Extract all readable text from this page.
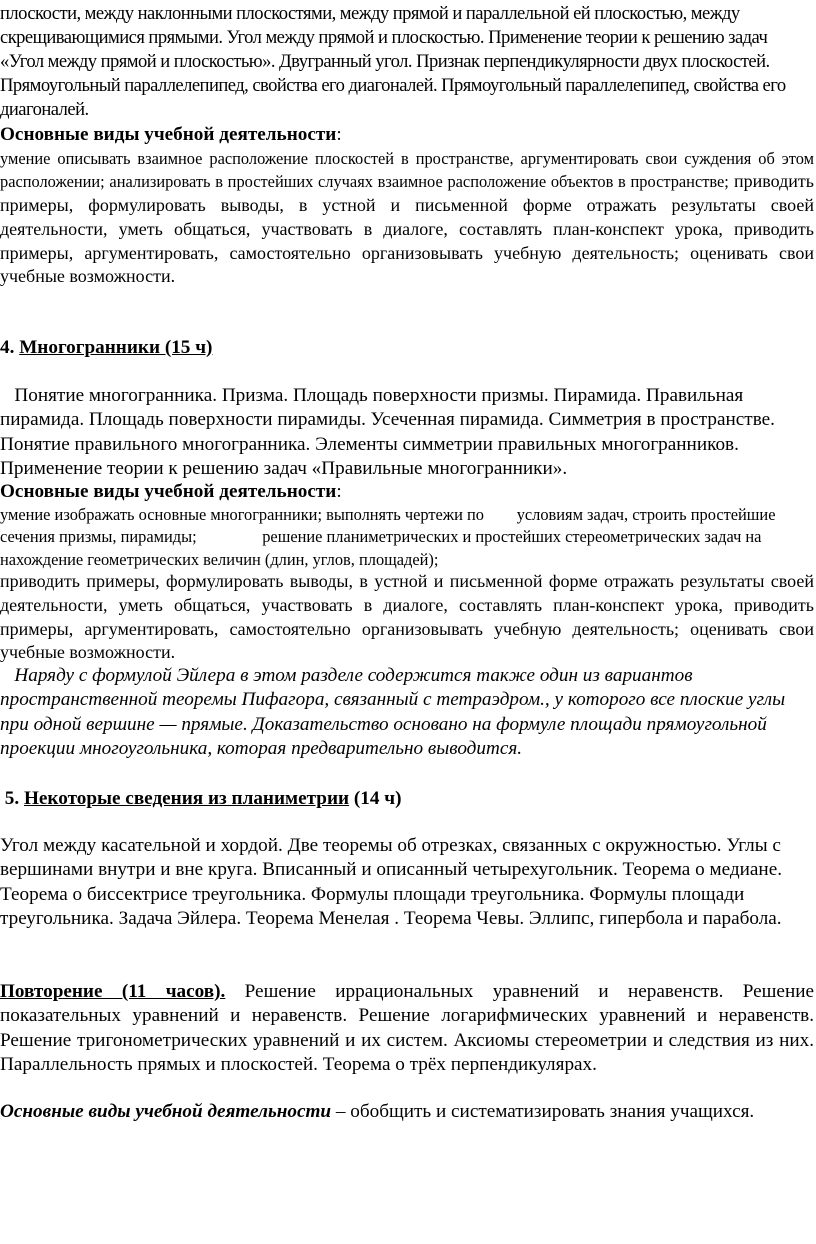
плоскости, между наклонными плоскостями, между прямой и параллельной ей плоскостью, между скрещивающимися прямыми. Угол между прямой и плоскостью. Применение теории к решению задач «Угол между прямой и плоскостью». Двугранный угол. Признак перпендикулярности двух плоскостей. Прямоугольный параллелепипед, свойства его диагоналей. Прямоугольный параллелепипед, свойства его диагоналей.

Основные виды учебной деятельности:

умение описывать взаимное расположение плоскостей в пространстве, аргументировать свои суждения об этом расположении; анализировать в простейших случаях взаимное расположение объектов в пространстве; приводить примеры, формулировать выводы, в устной и письменной форме отражать результаты своей деятельности, уметь общаться, участвовать в диалоге, составлять план-конспект урока, приводить примеры, аргументировать, самостоятельно организовывать учебную деятельность; оценивать свои учебные возможности.

4. Многогранники (15 ч)

Понятие многогранника. Призма. Площадь поверхности призмы. Пирамида. Правильная пирамида. Площадь поверхности пирамиды. Усеченная пирамида. Симметрия в пространстве. Понятие правильного многогранника. Элементы симметрии правильных многогранников. Применение теории к решению задач «Правильные многогранники».

Основные виды учебной деятельности:

умение изображать основные многогранники; выполнять чертежи по        условиям задач, строить простейшие сечения призмы, пирамиды;                решение планиметрических и простейших стереометрических задач на нахождение геометрических величин (длин, углов, площадей);

приводить примеры, формулировать выводы, в устной и письменной форме отражать результаты своей деятельности, уметь общаться, участвовать в диалоге, составлять план-конспект урока, приводить примеры, аргументировать, самостоятельно организовывать учебную деятельность; оценивать свои учебные возможности.

Наряду с формулой Эйлера в этом разделе содержится также один из вариантов пространственной теоремы Пифагора, связанный с тетраэдром., у которого все плоские углы при одной вершине — прямые. Доказательство основано на формуле площади прямоугольной проекции многоугольника, которая предварительно выводится.

5. Некоторые сведения из планиметрии (14 ч)

Угол между касательной и хордой. Две теоремы об отрезках, связанных с окружностью. Углы с вершинами внутри и вне круга. Вписанный и описанный четырехугольник. Теорема о медиане. Теорема о биссектрисе треугольника. Формулы площади треугольника. Формулы площади треугольника. Задача Эйлера. Теорема Менелая . Теорема Чевы. Эллипс, гипербола и парабола.

Повторение (11 часов). Решение иррациональных уравнений и неравенств. Решение показательных уравнений и неравенств. Решение логарифмических уравнений и неравенств. Решение тригонометрических уравнений и их систем. Аксиомы стереометрии и следствия из них. Параллельность прямых и плоскостей. Теорема о трёх перпендикулярах.

Основные виды учебной деятельности – обобщить и систематизировать знания учащихся.
